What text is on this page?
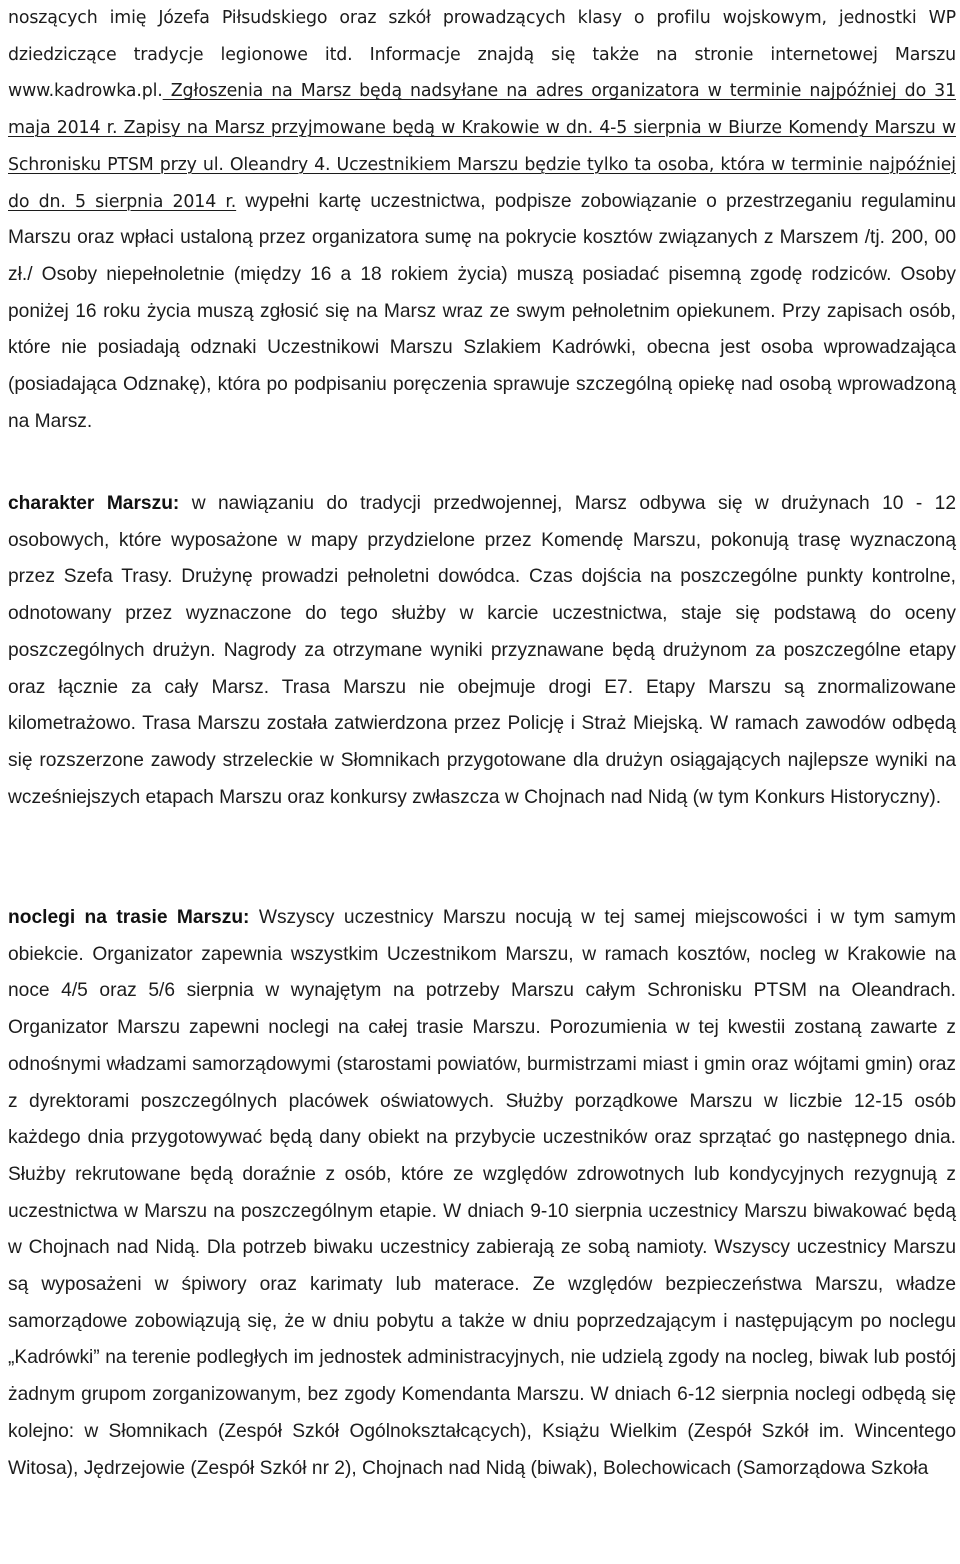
noszących imię Józefa Piłsudskiego oraz szkół prowadzących klasy o profilu wojskowym, jednostki WP dziedziczące tradycje legionowe itd. Informacje znajdą się także na stronie internetowej Marszu www.kadrowka.pl. Zgłoszenia na Marsz będą nadsyłane na adres organizatora w terminie najpóźniej do 31 maja 2014 r. Zapisy na Marsz przyjmowane będą w Krakowie w dn. 4-5 sierpnia w Biurze Komendy Marszu w Schronisku PTSM przy ul. Oleandry 4. Uczestnikiem Marszu będzie tylko ta osoba, która w terminie najpóźniej do dn. 5 sierpnia 2014 r. wypełni kartę uczestnictwa, podpisze zobowiązanie o przestrzeganiu regulaminu Marszu oraz wpłaci ustaloną przez organizatora sumę na pokrycie kosztów związanych z Marszem /tj. 200, 00 zł./ Osoby niepełnoletnie (między 16 a 18 rokiem życia) muszą posiadać pisemną zgodę rodziców. Osoby poniżej 16 roku życia muszą zgłosić się na Marsz wraz ze swym pełnoletnim opiekunem. Przy zapisach osób, które nie posiadają odznaki Uczestnikowi Marszu Szlakiem Kadrówki, obecna jest osoba wprowadzająca (posiadająca Odznakę), która po podpisaniu poręczenia sprawuje szczególną opiekę nad osobą wprowadzoną na Marsz.

charakter Marszu: w nawiązaniu do tradycji przedwojennej, Marsz odbywa się w drużynach 10 - 12 osobowych, które wyposażone w mapy przydzielone przez Komendę Marszu, pokonują trasę wyznaczoną przez Szefa Trasy. Drużynę prowadzi pełnoletni dowódca. Czas dojścia na poszczególne punkty kontrolne, odnotowany przez wyznaczone do tego służby w karcie uczestnictwa, staje się podstawą do oceny poszczególnych drużyn. Nagrody za otrzymane wyniki przyznawane będą drużynom za poszczególne etapy oraz łącznie za cały Marsz. Trasa Marszu nie obejmuje drogi E7. Etapy Marszu są znormalizowane kilometrażowo. Trasa Marszu została zatwierdzona przez Policję i Straż Miejską. W ramach zawodów odbędą się rozszerzone zawody strzeleckie w Słomnikach przygotowane dla drużyn osiągających najlepsze wyniki na wcześniejszych etapach Marszu oraz konkursy zwłaszcza w Chojnach nad Nidą (w tym Konkurs Historyczny).

noclegi na trasie Marszu: Wszyscy uczestnicy Marszu nocują w tej samej miejscowości i w tym samym obiekcie. Organizator zapewnia wszystkim Uczestnikom Marszu, w ramach kosztów, nocleg w Krakowie na noce 4/5 oraz 5/6 sierpnia w wynajętym na potrzeby Marszu całym Schronisku PTSM na Oleandrach. Organizator Marszu zapewni noclegi na całej trasie Marszu. Porozumienia w tej kwestii zostaną zawarte z odnośnymi władzami samorządowymi (starostami powiatów, burmistrzami miast i gmin oraz wójtami gmin) oraz z dyrektorami poszczególnych placówek oświatowych. Służby porządkowe Marszu w liczbie 12-15 osób każdego dnia przygotowywać będą dany obiekt na przybycie uczestników oraz sprzątać go następnego dnia. Służby rekrutowane będą doraźnie z osób, które ze względów zdrowotnych lub kondycyjnych rezygnują z uczestnictwa w Marszu na poszczególnym etapie. W dniach 9-10 sierpnia uczestnicy Marszu biwakować będą w Chojnach nad Nidą. Dla potrzeb biwaku uczestnicy zabierają ze sobą namioty. Wszyscy uczestnicy Marszu są wyposażeni w śpiwory oraz karimaty lub materace. Ze względów bezpieczeństwa Marszu, władze samorządowe zobowiązują się, że w dniu pobytu a także w dniu poprzedzającym i następującym po noclegu „Kadrówki” na terenie podległych im jednostek administracyjnych, nie udzielą zgody na nocleg, biwak lub postój żadnym grupom zorganizowanym, bez zgody Komendanta Marszu. W dniach 6-12 sierpnia noclegi odbędą się kolejno: w Słomnikach (Zespół Szkół Ogólnokształcących), Książu Wielkim (Zespół Szkół im. Wincentego Witosa), Jędrzejowie (Zespół Szkół nr 2), Chojnach nad Nidą (biwak), Bolechowicach (Samorządowa Szkoła
